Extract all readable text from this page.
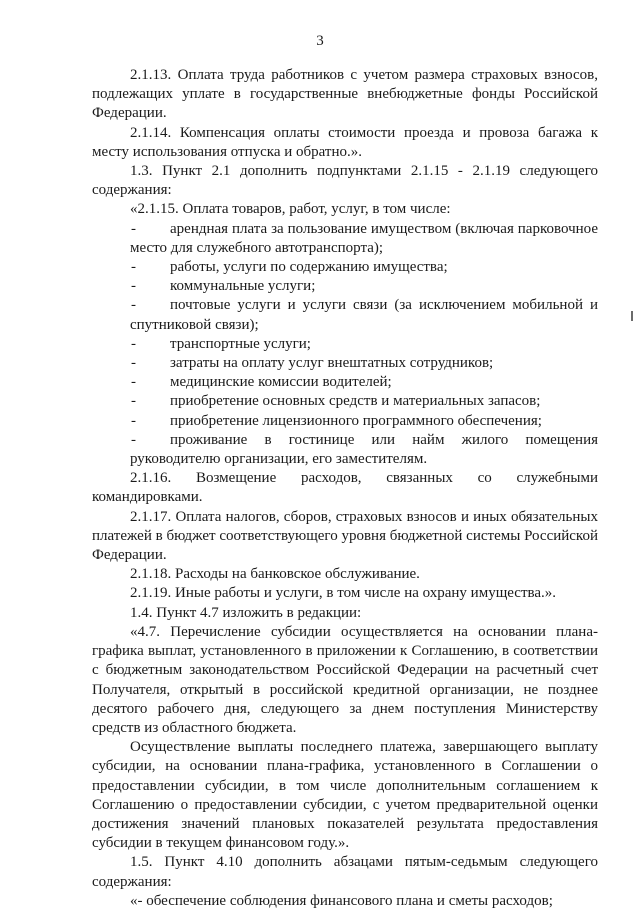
3

2.1.13. Оплата труда работников с учетом размера страховых взносов, подлежащих уплате в государственные внебюджетные фонды Российской Федерации.

2.1.14. Компенсация оплаты стоимости проезда и провоза багажа к месту использования отпуска и обратно.».

1.3. Пункт 2.1 дополнить подпунктами 2.1.15 - 2.1.19 следующего содержания:

«2.1.15. Оплата товаров, работ, услуг, в том числе:

- арендная плата за пользование имуществом (включая парковочное место для служебного автотранспорта);

- работы, услуги по содержанию имущества;

- коммунальные услуги;

- почтовые услуги и услуги связи (за исключением мобильной и спутниковой связи);

- транспортные услуги;

- затраты на оплату услуг внештатных сотрудников;

- медицинские комиссии водителей;

- приобретение основных средств и материальных запасов;

- приобретение лицензионного программного обеспечения;

- проживание в гостинице или найм жилого помещения руководителю организации, его заместителям.

2.1.16. Возмещение расходов, связанных со служебными командировками.

2.1.17. Оплата налогов, сборов, страховых взносов и иных обязательных платежей в бюджет соответствующего уровня бюджетной системы Российской Федерации.

2.1.18. Расходы на банковское обслуживание.

2.1.19. Иные работы и услуги, в том числе на охрану имущества.».

1.4. Пункт 4.7 изложить в редакции:

«4.7. Перечисление субсидии осуществляется на основании плана-графика выплат, установленного в приложении к Соглашению, в соответствии с бюджетным законодательством Российской Федерации на расчетный счет Получателя, открытый в российской кредитной организации, не позднее десятого рабочего дня, следующего за днем поступления Министерству средств из областного бюджета.

Осуществление выплаты последнего платежа, завершающего выплату субсидии, на основании плана-графика, установленного в Соглашении о предоставлении субсидии, в том числе дополнительным соглашением к Соглашению о предоставлении субсидии, с учетом предварительной оценки достижения значений плановых показателей результата предоставления субсидии в текущем финансовом году.».

1.5. Пункт 4.10 дополнить абзацами пятым-седьмым следующего содержания:

«- обеспечение соблюдения финансового плана и сметы расходов;
